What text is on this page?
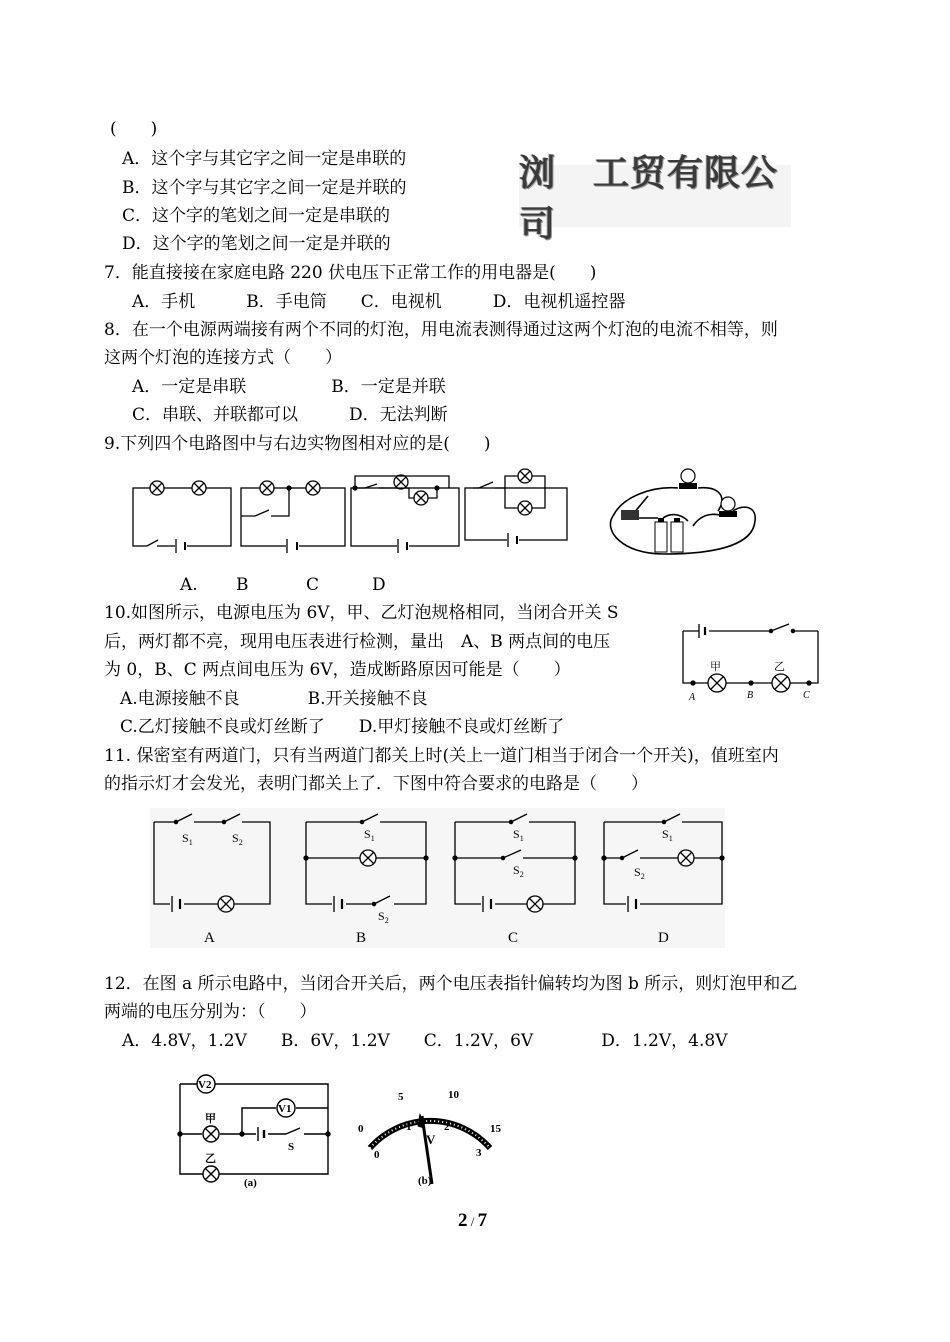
(　　)
A．这个字与其它字之间一定是串联的
B．这个字与其它字之间一定是并联的
C．这个字的笔划之间一定是串联的
D．这个字的笔划之间一定是并联的
浏　工贸有限公司
7．能直接接在家庭电路 220 伏电压下正常工作的用电器是(　　)
A．手机　　　B．手电筒　　C．电视机　　　D．电视机遥控器
8．在一个电源两端接有两个不同的灯泡，用电流表测得通过这两个灯泡的电流不相等，则
这两个灯泡的连接方式（　　）
A．一定是串联　　　　　B．一定是并联
C．串联、并联都可以　　　D．无法判断
9.下列四个电路图中与右边实物图相对应的是(　　)
A. B	C	D
10.如图所示，电源电压为 6V，甲、乙灯泡规格相同，当闭合开关 S
后，两灯都不亮，现用电压表进行检测，量出　A、B 两点间的电压
为 0，B、C 两点间电压为 6V，造成断路原因可能是（　　）
A.电源接触不良　　　　B.开关接触不良
C.乙灯接触不良或灯丝断了　　D.甲灯接触不良或灯丝断了
甲	乙
A	B	C
11. 保密室有两道门，只有当两道门都关上时(关上一道门相当于闭合一个开关)，值班室内
的指示灯才会发光，表明门都关上了．下图中符合要求的电路是（　　）
$S_1$	$S_2$
$S_1$
$S_2$
$S_1$
$S_2$
$S_1$
$S_2$
A	B	C	D
12．在图 a 所示电路中，当闭合开关后，两个电压表指针偏转均为图 b 所示，则灯泡甲和乙
两端的电压分别为：（　　）
A．4.8V，1.2V　　B．6V，1.2V　　C．1.2V，6V　　　　D．1.2V，4.8V
V2
V1
甲
乙
S
(a)
0
5	10
15
0
1	2
3
V
(b)
2 / 7
